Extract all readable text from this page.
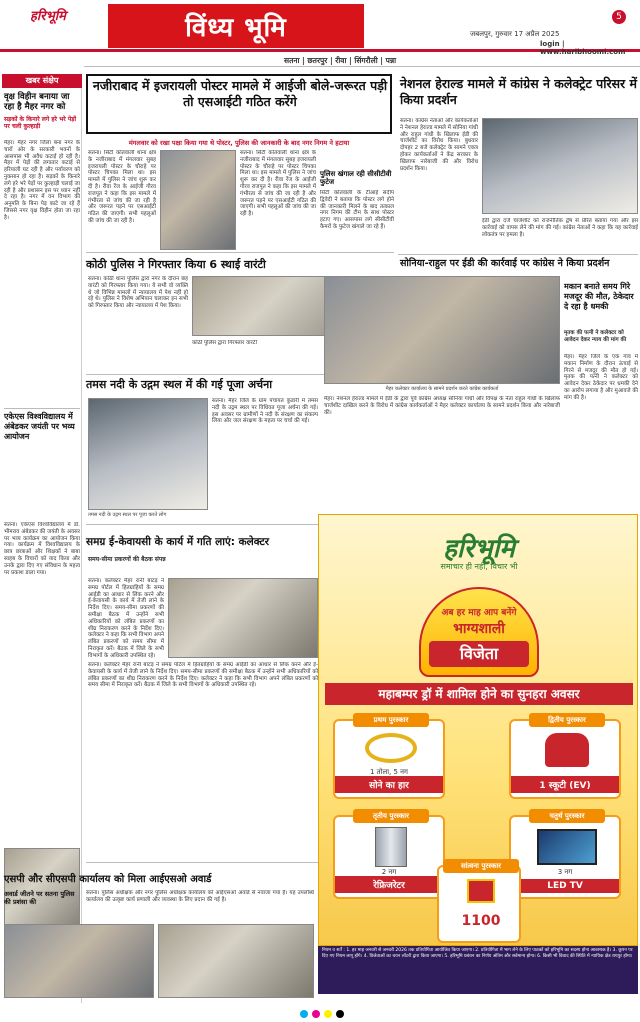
हरिभूमि	विंध्य भूमि	5
जबलपुर, गुरुवार 17 अप्रैल 2025
login | www.haribhoomi.com
सतना | छतरपुर | रीवा | सिंगरौली | पन्ना
खबर संक्षेप
वृक्ष विहीन बनाया जा रहा है मैहर नगर को
सड़कों के किनारे लगे हरे भरे पेड़ों पर चली कुल्हाड़ी
मैहर। मैहर नगर जिला बना नगर के चारों ओर के सरकारी भवनों के आसपास भी अवैध कटाई हो रही है। मैहर में पेड़ों की लगातार कटाई से हरियाली घट रही है और पर्यावरण को नुकसान हो रहा है। सड़कों के किनारे लगे हरे भरे पेड़ों पर कुल्हाड़ी चलाई जा रही है और प्रशासन इस पर ध्यान नहीं दे रहा है। नगर में वन विभाग की अनुमति के बिना पेड़ काटे जा रहे हैं जिससे नगर वृक्ष विहीन होता जा रहा है।
एकेएस विश्वविद्यालय में अंबेडकर जयंती पर भव्य आयोजन
सतना। एकेएस विश्वविद्यालय में डॉ. भीमराव अंबेडकर की जयंती के अवसर पर भव्य कार्यक्रम का आयोजन किया गया। कार्यक्रम में विश्वविद्यालय के छात्र छात्राओं और शिक्षकों ने बाबा साहब के विचारों को याद किया और उनके द्वारा दिए गए संविधान के महत्व पर प्रकाश डाला गया।
नजीराबाद में इजरायली पोस्टर मामले में आईजी बोले-जरूरत पड़ी तो एसआईटी गठित करेंगे
मंगलवार को रखा पक्षा किया गया थे पोस्टर, पुलिस की जानकारी के बाद नगर निगम ने हटाया
सतना। सिटी कोतवाली थाना क्षेत्र के नजीराबाद में मंगलवार सुबह इजरायली पोस्टर के चौराहे पर पोस्टर चिपका मिला था। इस मामले में पुलिस ने जांच शुरू कर दी है। रीवा रेंज के आईजी गौरव राजपूत ने कहा कि इस मामले में गंभीरता से जांच की जा रही है और जरूरत पड़ने पर एसआईटी गठित की जाएगी। सभी पहलुओं की जांच की जा रही है।
सतना। सिटी कोतवाली थाना क्षेत्र के नजीराबाद में मंगलवार सुबह इजरायली पोस्टर के चौराहे पर पोस्टर चिपका मिला था। इस मामले में पुलिस ने जांच शुरू कर दी है। रीवा रेंज के आईजी गौरव राजपूत ने कहा कि इस मामले में गंभीरता से जांच की जा रही है और जरूरत पड़ने पर एसआईटी गठित की जाएगी। सभी पहलुओं की जांच की जा रही है।
पुलिस खंगाल रही सीसीटीवी फुटेज
सिटी कोतवाली के टीआई संदीप द्विवेदी ने बताया कि पोस्टर लगे होने की जानकारी मिलने के बाद तत्काल नगर निगम की टीम के साथ पोस्टर हटाए गए। आसपास लगे सीसीटीवी कैमरों के फुटेज खंगाले जा रहे हैं।
नेशनल हेराल्ड मामले में कांग्रेस ने कलेक्ट्रेट परिसर में किया प्रदर्शन
सतना। कांग्रेस नेताओं और कार्यकर्ताओं ने नेशनल हेराल्ड मामले में सोनिया गांधी और राहुल गांधी के खिलाफ ईडी की चार्जशीट का विरोध किया। बुधवार दोपहर 2 बजे कलेक्ट्रेट के सामने एकत्र होकर कार्यकर्ताओं ने केंद्र सरकार के खिलाफ नारेबाजी की और विरोध प्रदर्शन किया।
ईडी द्वारा दर्ज चार्जशीट को राजनीतिक द्वेष से प्रेरित बताया गया और इस कार्रवाई को वापस लेने की मांग की गई। कांग्रेस नेताओं ने कहा कि यह कार्रवाई लोकतंत्र पर हमला है।
कोठी पुलिस ने गिरफ्तार किया 6 स्थाई वारंटी
सतना। कोठी थाना पुलिस द्वारा नगर के दौरान छह वारंटी को गिरफ्तार किया गया। ये सभी वो व्यक्ति थे जो विभिन्न मामलों में न्यायालय में पेश नहीं हो रहे थे। पुलिस ने विशेष अभियान चलाकर इन सभी को गिरफ्तार किया और न्यायालय में पेश किया।
कोठी पुलिस द्वारा गिरफ्तार वारंटी
सोनिया-राहुल पर ईडी की कार्रवाई पर कांग्रेस ने किया प्रदर्शन
मैहर कलेक्टर कार्यालय के सामने प्रदर्शन करते कांग्रेस कार्यकर्ता
मैहर। नेशनल हेराल्ड मामले में ईडी के द्वारा पूर्व कांग्रेस अध्यक्ष सोनिया गांधी और विपक्ष के नेता राहुल गांधी के खिलाफ चार्जशीट दाखिल करने के विरोध में कांग्रेस कार्यकर्ताओं ने मैहर कलेक्टर कार्यालय के सामने प्रदर्शन किया और नारेबाजी की।
मकान बनाते समय गिरे मजदूर की मौत, ठेकेदार दे रहा है धमकी
मृतक की पत्नी ने कलेक्टर को आवेदन देकर न्याय की मांग की
मैहर। मैहर जिले के एक गांव में मकान निर्माण के दौरान ऊंचाई से गिरने से मजदूर की मौत हो गई। मृतक की पत्नी ने कलेक्टर को आवेदन देकर ठेकेदार पर धमकी देने का आरोप लगाया है और मुआवजे की मांग की है।
तमस नदी के उद्गम स्थल में की गई पूजा अर्चना
सतना। मैहर जिले के ग्राम पंचायत कुडारी में तमस नदी के उद्गम स्थल पर विधिवत पूजा अर्चना की गई। इस अवसर पर ग्रामीणों ने नदी के संरक्षण का संकल्प लिया और जल संरक्षण के महत्व पर चर्चा की गई।
तमस नदी के उद्गम स्थल पर पूजा करते लोग
समग्र ई-केवायसी के कार्य में गति लाएं: कलेक्टर
समय-सीमा प्रकरणों की बैठक संपन्न
सतना। कलेक्टर मैहर रानी बाटड़ ने समग्र पोर्टल में हितग्राहियों के समग्र आईडी का आधार से लिंक करने और ई-केवायसी के कार्य में तेजी लाने के निर्देश दिए। समय-सीमा प्रकरणों की समीक्षा बैठक में उन्होंने सभी अधिकारियों को लंबित प्रकरणों का शीघ्र निराकरण करने के निर्देश दिए। कलेक्टर ने कहा कि सभी विभाग अपने लंबित प्रकरणों को समय सीमा में निराकृत करें। बैठक में जिले के सभी विभागों के अधिकारी उपस्थित रहे।
सतना। कलेक्टर मैहर रानी बाटड़ ने समग्र पोर्टल में हितग्राहियों के समग्र आईडी का आधार से लिंक करने और ई-केवायसी के कार्य में तेजी लाने के निर्देश दिए। समय-सीमा प्रकरणों की समीक्षा बैठक में उन्होंने सभी अधिकारियों को लंबित प्रकरणों का शीघ्र निराकरण करने के निर्देश दिए। कलेक्टर ने कहा कि सभी विभाग अपने लंबित प्रकरणों को समय सीमा में निराकृत करें। बैठक में जिले के सभी विभागों के अधिकारी उपस्थित रहे।
एसपी और सीएसपी कार्यालय को मिला आईएसओ अवार्ड
अवार्ड जीतने पर सतना पुलिस की प्रशंसा की
सतना। पुलिस अधीक्षक और नगर पुलिस अधीक्षक कार्यालय को आईएसओ अवार्ड से नवाजा गया है। यह उपलब्धि कार्यालय की उत्कृष्ट कार्य प्रणाली और व्यवस्था के लिए प्रदान की गई है।
हरिभूमि
समाचार ही नहीं, विचार भी
अब हर माह आप बनेंगे
भाग्यशाली
विजेता
महाबम्पर ड्रॉ में शामिल होने का सुनहरा अवसर
प्रथम पुरस्कार
1 तोला, 5 नग
सोने का हार
द्वितीय पुरस्कार
1 स्कूटी (EV)
तृतीय पुरस्कार
2 नग
रेफ्रिजरेटर
चतुर्थ पुरस्कार
3 नग
LED TV
सांत्वना पुरस्कार
1100
नियम व शर्तें : 1. हर माह जनवरी से जनवरी 2026 तक प्रतियोगिता आयोजित किया जाएगा। 2. प्रतियोगिता में भाग लेने के लिए पाठकों को हरिभूमि का सदस्य होना आवश्यक है। 3. कूपन पर दिए गए नियम लागू होंगे। 4. विजेताओं का चयन लॉटरी द्वारा किया जाएगा। 5. हरिभूमि प्रबंधन का निर्णय अंतिम और सर्वमान्य होगा। 6. किसी भी विवाद की स्थिति में न्यायिक क्षेत्र रायपुर होगा।
